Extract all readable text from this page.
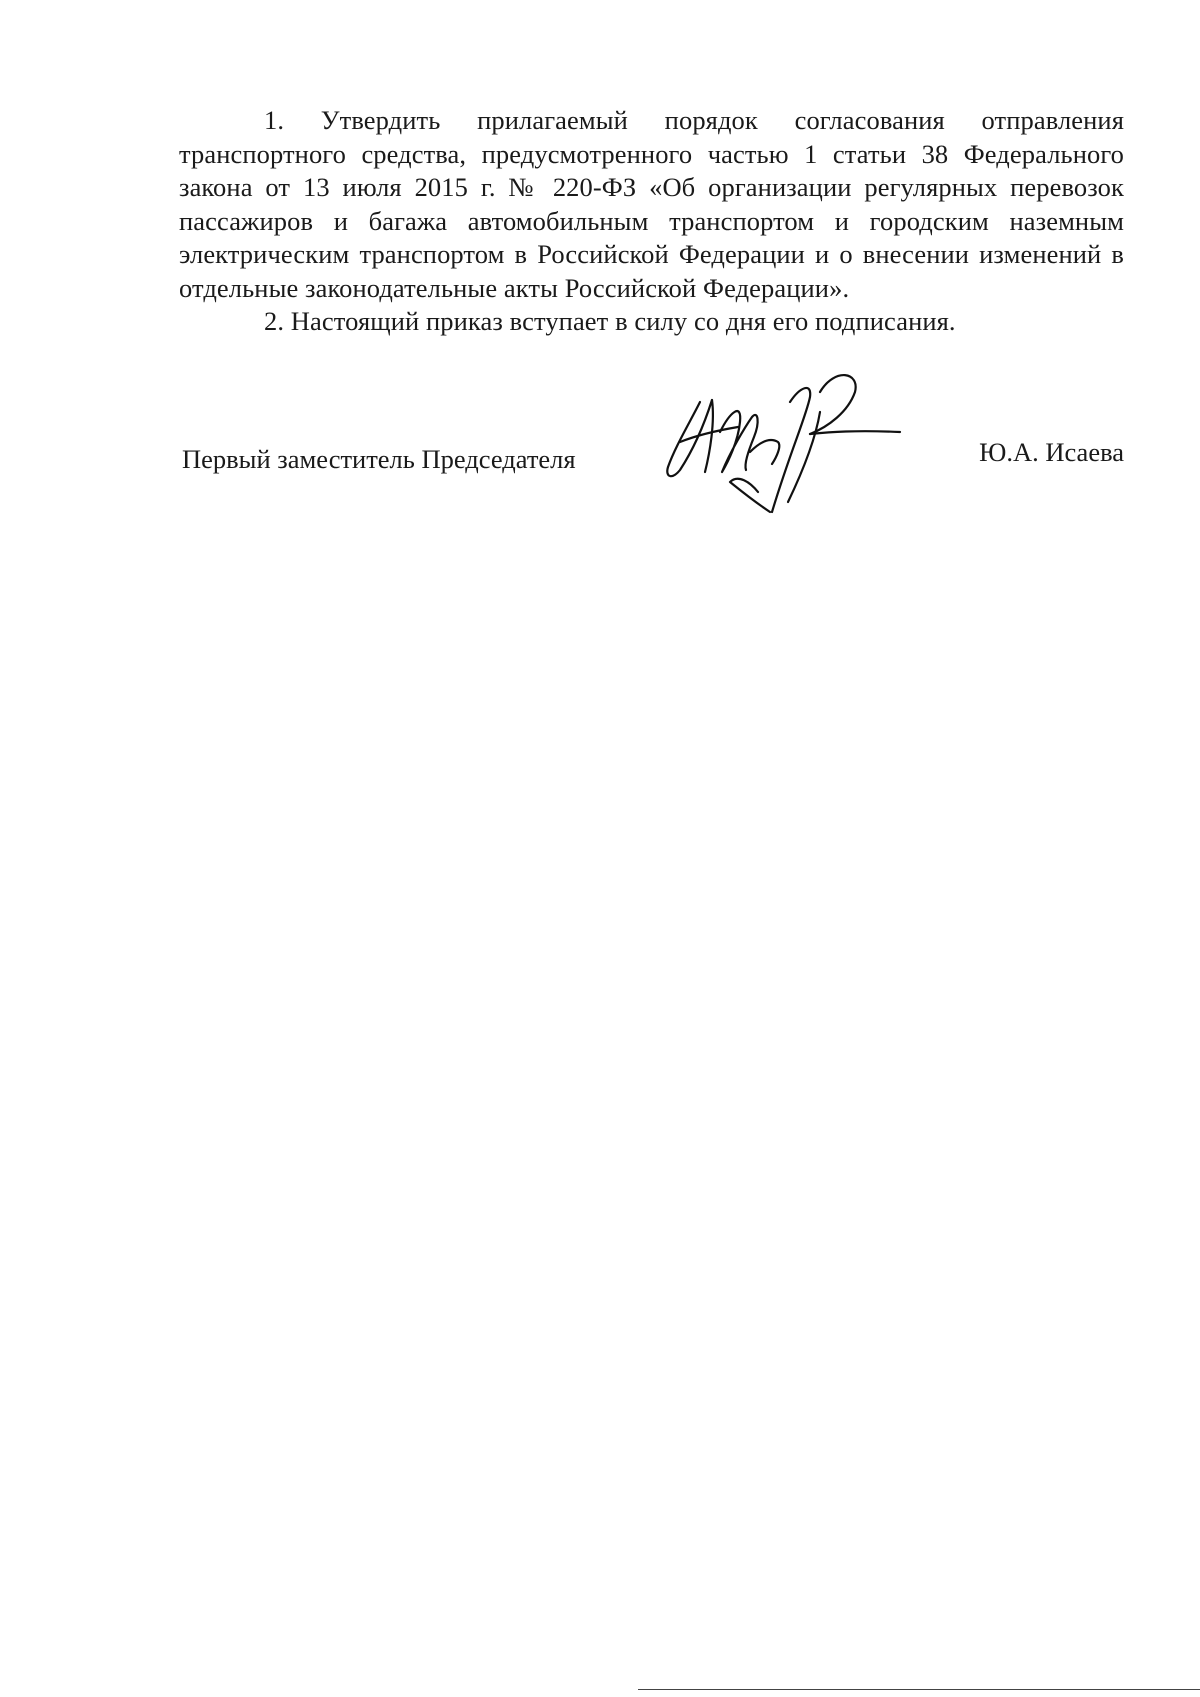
1. Утвердить прилагаемый порядок согласования отправления транспортного средства, предусмотренного частью 1 статьи 38 Федерального закона от 13 июля 2015 г. № 220-ФЗ «Об организации регулярных перевозок пассажиров и багажа автомобильным транспортом и городским наземным электрическим транспортом в Российской Федерации и о внесении изменений в отдельные законодательные акты Российской Федерации».

2. Настоящий приказ вступает в силу со дня его подписания.

Первый заместитель Председателя	Ю.А. Исаева
